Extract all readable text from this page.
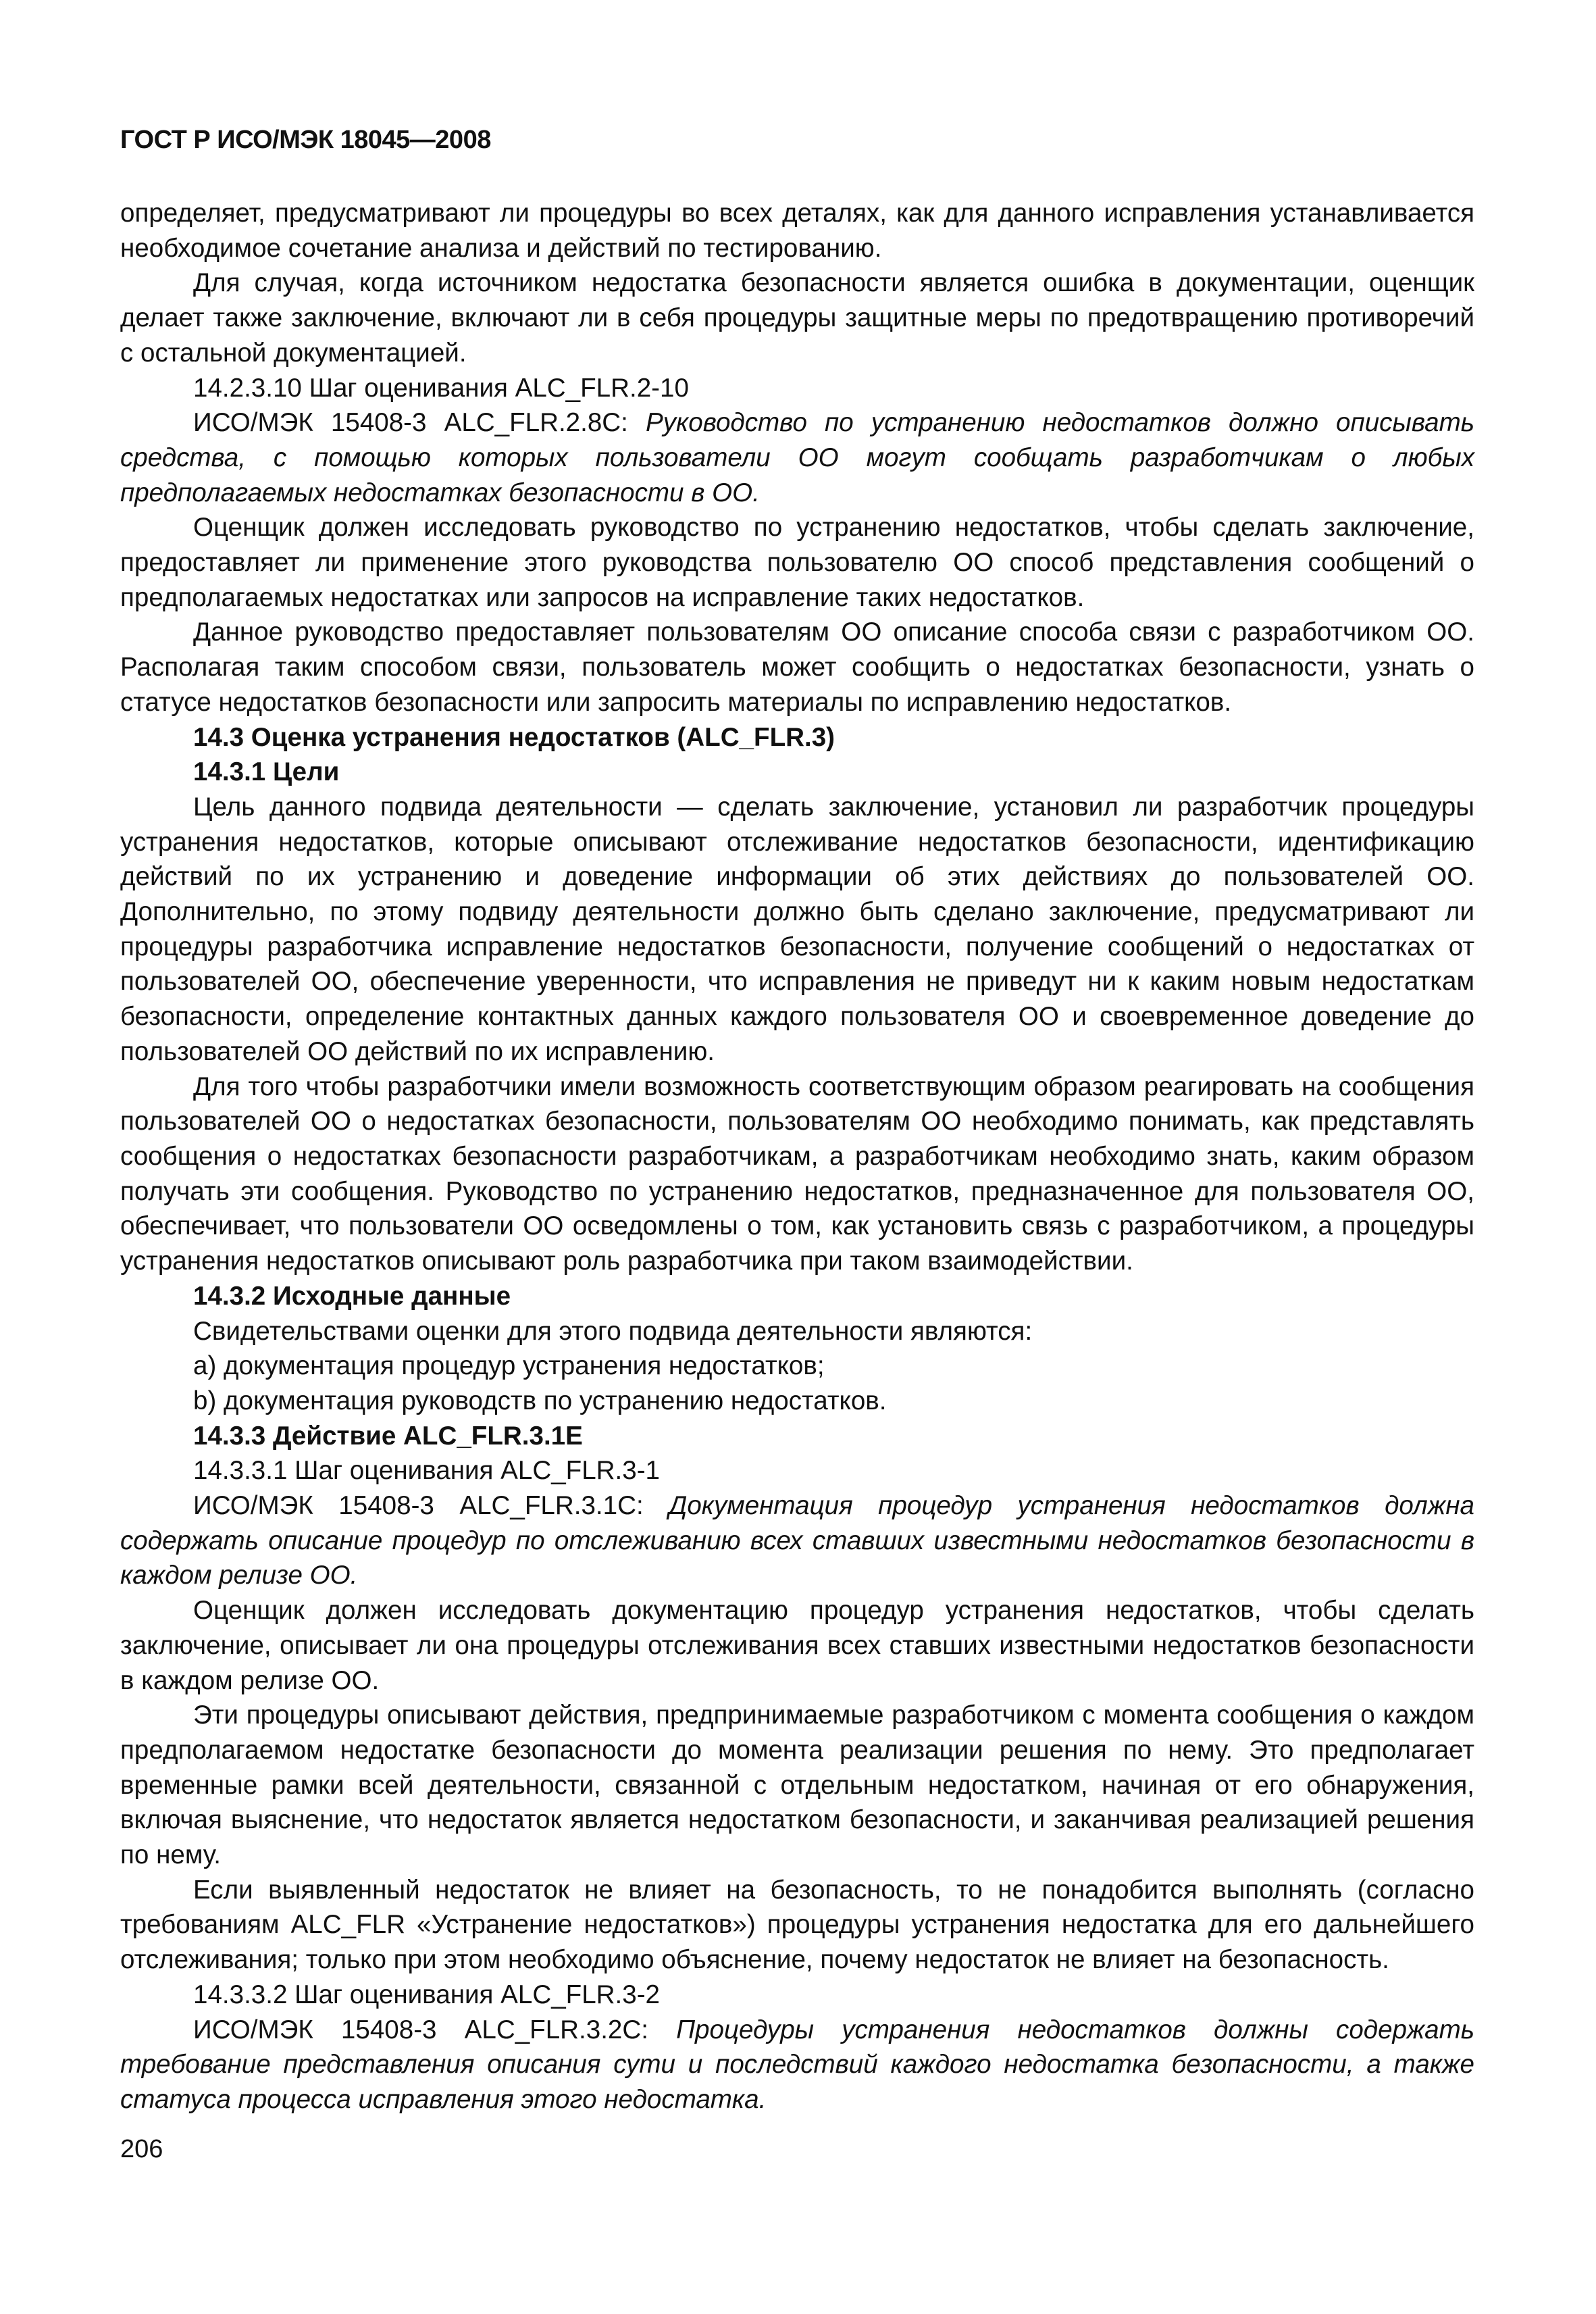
ГОСТ Р ИСО/МЭК 18045—2008

определяет, предусматривают ли процедуры во всех деталях, как для данного исправления устанавливается необходимое сочетание анализа и действий по тестированию.

Для случая, когда источником недостатка безопасности является ошибка в документации, оценщик делает также заключение, включают ли в себя процедуры защитные меры по предотвращению противоречий с остальной документацией.

14.2.3.10 Шаг оценивания ALC_FLR.2-10

ИСО/МЭК 15408-3 ALC_FLR.2.8C: Руководство по устранению недостатков должно описывать средства, с помощью которых пользователи ОО могут сообщать разработчикам о любых предполагаемых недостатках безопасности в ОО.

Оценщик должен исследовать руководство по устранению недостатков, чтобы сделать заключение, предоставляет ли применение этого руководства пользователю ОО способ представления сообщений о предполагаемых недостатках или запросов на исправление таких недостатков.

Данное руководство предоставляет пользователям ОО описание способа связи с разработчиком ОО. Располагая таким способом связи, пользователь может сообщить о недостатках безопасности, узнать о статусе недостатков безопасности или запросить материалы по исправлению недостатков.

14.3 Оценка устранения недостатков (ALC_FLR.3)

14.3.1 Цели

Цель данного подвида деятельности — сделать заключение, установил ли разработчик процедуры устранения недостатков, которые описывают отслеживание недостатков безопасности, идентификацию действий по их устранению и доведение информации об этих действиях до пользователей ОО. Дополнительно, по этому подвиду деятельности должно быть сделано заключение, предусматривают ли процедуры разработчика исправление недостатков безопасности, получение сообщений о недостатках от пользователей ОО, обеспечение уверенности, что исправления не приведут ни к каким новым недостаткам безопасности, определение контактных данных каждого пользователя ОО и своевременное доведение до пользователей ОО действий по их исправлению.

Для того чтобы разработчики имели возможность соответствующим образом реагировать на сообщения пользователей ОО о недостатках безопасности, пользователям ОО необходимо понимать, как представлять сообщения о недостатках безопасности разработчикам, а разработчикам необходимо знать, каким образом получать эти сообщения. Руководство по устранению недостатков, предназначенное для пользователя ОО, обеспечивает, что пользователи ОО осведомлены о том, как установить связь с разработчиком, а процедуры устранения недостатков описывают роль разработчика при таком взаимодействии.

14.3.2 Исходные данные

Свидетельствами оценки для этого подвида деятельности являются:

a) документация процедур устранения недостатков;

b) документация руководств по устранению недостатков.

14.3.3 Действие ALC_FLR.3.1E

14.3.3.1 Шаг оценивания ALC_FLR.3-1

ИСО/МЭК 15408-3 ALC_FLR.3.1C: Документация процедур устранения недостатков должна содержать описание процедур по отслеживанию всех ставших известными недостатков безопасности в каждом релизе ОО.

Оценщик должен исследовать документацию процедур устранения недостатков, чтобы сделать заключение, описывает ли она процедуры отслеживания всех ставших известными недостатков безопасности в каждом релизе ОО.

Эти процедуры описывают действия, предпринимаемые разработчиком с момента сообщения о каждом предполагаемом недостатке безопасности до момента реализации решения по нему. Это предполагает временные рамки всей деятельности, связанной с отдельным недостатком, начиная от его обнаружения, включая выяснение, что недостаток является недостатком безопасности, и заканчивая реализацией решения по нему.

Если выявленный недостаток не влияет на безопасность, то не понадобится выполнять (согласно требованиям ALC_FLR «Устранение недостатков») процедуры устранения недостатка для его дальнейшего отслеживания; только при этом необходимо объяснение, почему недостаток не влияет на безопасность.

14.3.3.2 Шаг оценивания ALC_FLR.3-2

ИСО/МЭК 15408-3 ALC_FLR.3.2C: Процедуры устранения недостатков должны содержать требование представления описания сути и последствий каждого недостатка безопасности, а также статуса процесса исправления этого недостатка.

206
